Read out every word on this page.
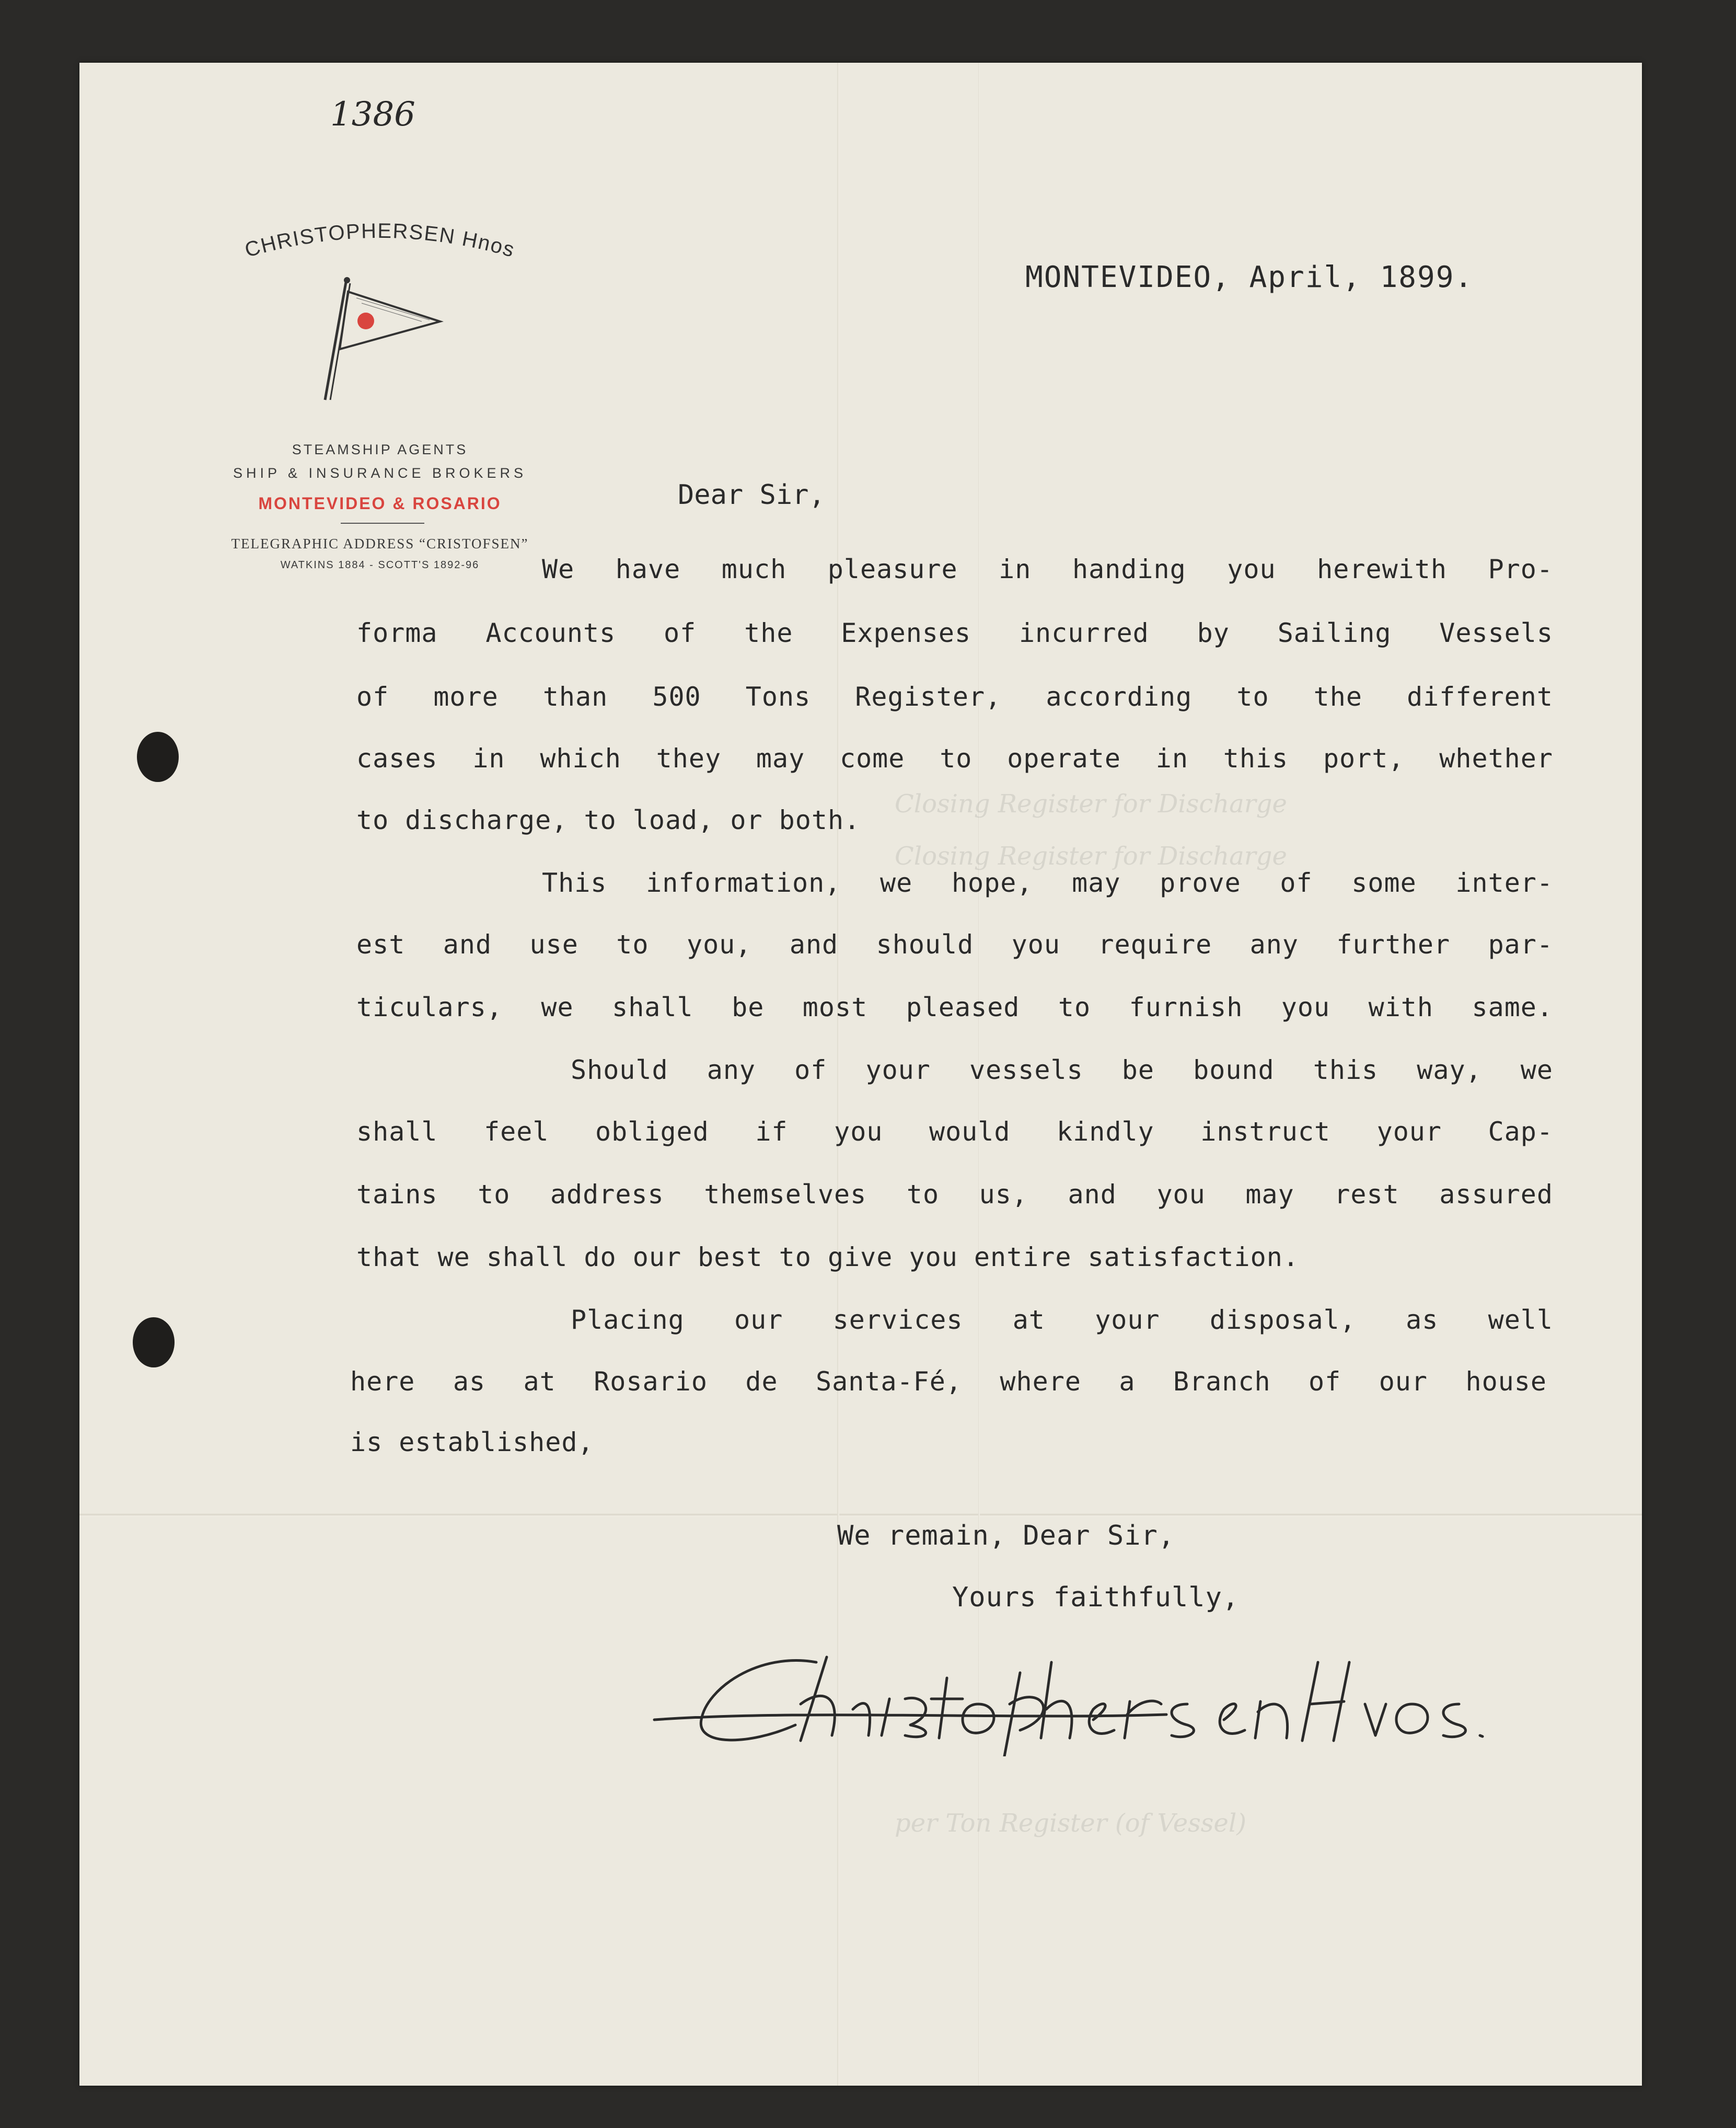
Closing Register for Discharge
Closing Register for Discharge
per Ton Register (of Vessel)
1386
CHRISTOPHERSEN Hnos
STEAMSHIP AGENTS
SHIP & INSURANCE BROKERS
MONTEVIDEO & ROSARIO
TELEGRAPHIC ADDRESS “CRISTOFSEN”
WATKINS 1884 - SCOTT'S 1892-96
MONTEVIDEO, April, 1899.
Dear Sir,
We have much pleasure in handing you herewith Pro-
forma Accounts of the Expenses incurred by Sailing Vessels
of more than 500 Tons Register, according to the different
cases in which they may come to operate in this port, whether
to discharge, to load, or both.
This information, we hope, may prove of some inter-
est and use to you, and should you require any further par-
ticulars, we shall be most pleased to furnish you with same.
Should any of your vessels be bound this way, we
shall feel obliged if you would kindly instruct your Cap-
tains to address themselves to us, and you may rest assured
that we shall do our best to give you entire satisfaction.
Placing our services at your disposal, as well
here as at Rosario de Santa-Fé, where a Branch of our house
is established,
We remain, Dear Sir,
Yours faithfully,
